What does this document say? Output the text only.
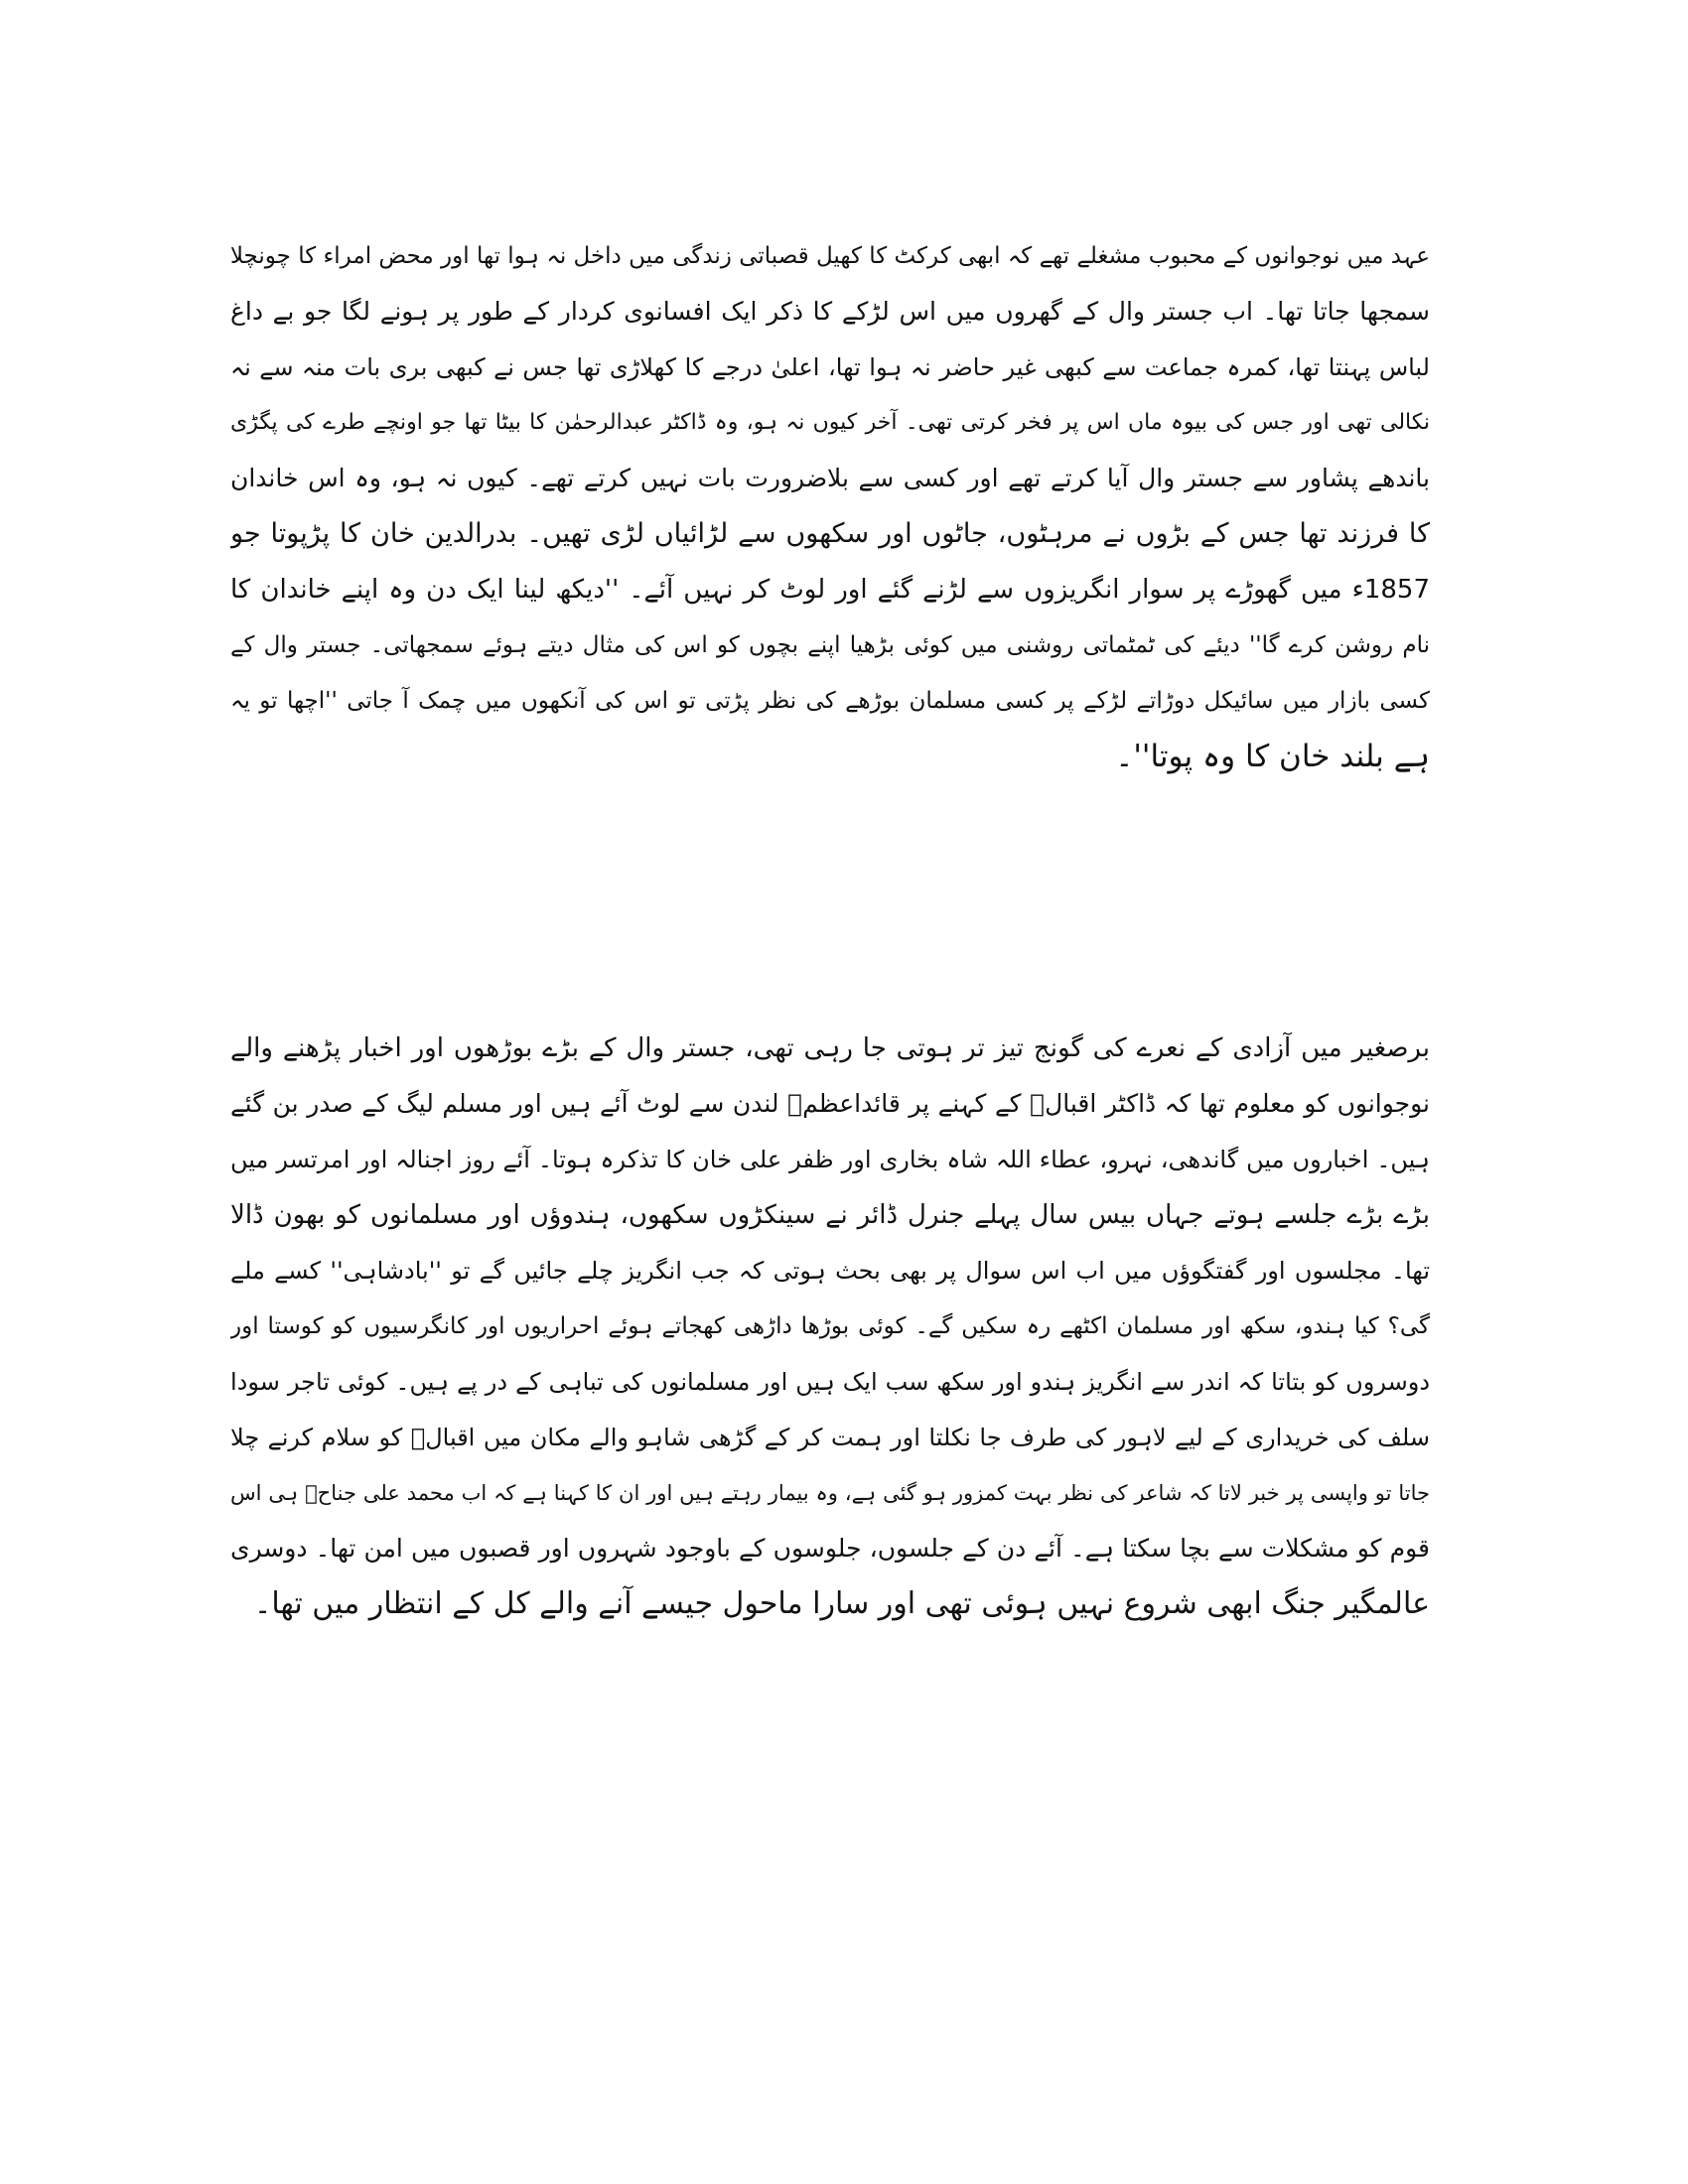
عہد میں نوجوانوں کے محبوب مشغلے تھے کہ ابھی کرکٹ کا کھیل قصباتی زندگی میں داخل نہ ہوا تھا اور محض امراء کا چونچلا
سمجھا جاتا تھا۔ اب جستر وال کے گھروں میں اس لڑکے کا ذکر ایک افسانوی کردار کے طور پر ہونے لگا جو بے داغ
لباس پہنتا تھا، کمرہ جماعت سے کبھی غیر حاضر نہ ہوا تھا، اعلیٰ درجے کا کھلاڑی تھا جس نے کبھی بری بات منہ سے نہ
نکالی تھی اور جس کی بیوہ ماں اس پر فخر کرتی تھی۔ آخر کیوں نہ ہو، وہ ڈاکٹر عبدالرحمٰن کا بیٹا تھا جو اونچے طرے کی پگڑی
باندھے پشاور سے جستر وال آیا کرتے تھے اور کسی سے بلاضرورت بات نہیں کرتے تھے۔ کیوں نہ ہو، وہ اس خاندان
کا فرزند تھا جس کے بڑوں نے مرہٹوں، جاٹوں اور سکھوں سے لڑائیاں لڑی تھیں۔ بدرالدین خان کا پڑپوتا جو
1857ء میں گھوڑے پر سوار انگریزوں سے لڑنے گئے اور لوٹ کر نہیں آئے۔ ''دیکھ لینا ایک دن وہ اپنے خاندان کا
نام روشن کرے گا'' دیئے کی ٹمٹماتی روشنی میں کوئی بڑھیا اپنے بچوں کو اس کی مثال دیتے ہوئے سمجھاتی۔ جستر وال کے
کسی بازار میں سائیکل دوڑاتے لڑکے پر کسی مسلمان بوڑھے کی نظر پڑتی تو اس کی آنکھوں میں چمک آ جاتی ''اچھا تو یہ
ہے بلند خان کا وہ پوتا''۔
برصغیر میں آزادی کے نعرے کی گونج تیز تر ہوتی جا رہی تھی، جستر وال کے بڑے بوڑھوں اور اخبار پڑھنے والے
نوجوانوں کو معلوم تھا کہ ڈاکٹر اقبالؒ کے کہنے پر قائداعظمؒ لندن سے لوٹ آئے ہیں اور مسلم لیگ کے صدر بن گئے
ہیں۔ اخباروں میں گاندھی، نہرو، عطاء اللہ شاہ بخاری اور ظفر علی خان کا تذکرہ ہوتا۔ آئے روز اجنالہ اور امرتسر میں
بڑے بڑے جلسے ہوتے جہاں بیس سال پہلے جنرل ڈائر نے سینکڑوں سکھوں، ہندوؤں اور مسلمانوں کو بھون ڈالا
تھا۔ مجلسوں اور گفتگوؤں میں اب اس سوال پر بھی بحث ہوتی کہ جب انگریز چلے جائیں گے تو ''بادشاہی'' کسے ملے
گی؟ کیا ہندو، سکھ اور مسلمان اکٹھے رہ سکیں گے۔ کوئی بوڑھا داڑھی کھجاتے ہوئے احراریوں اور کانگرسیوں کو کوستا اور
دوسروں کو بتاتا کہ اندر سے انگریز ہندو اور سکھ سب ایک ہیں اور مسلمانوں کی تباہی کے در پے ہیں۔ کوئی تاجر سودا
سلف کی خریداری کے لیے لاہور کی طرف جا نکلتا اور ہمت کر کے گڑھی شاہو والے مکان میں اقبالؒ کو سلام کرنے چلا
جاتا تو واپسی پر خبر لاتا کہ شاعر کی نظر بہت کمزور ہو گئی ہے، وہ بیمار رہتے ہیں اور ان کا کہنا ہے کہ اب محمد علی جناحؒ ہی اس
قوم کو مشکلات سے بچا سکتا ہے۔ آئے دن کے جلسوں، جلوسوں کے باوجود شہروں اور قصبوں میں امن تھا۔ دوسری
عالمگیر جنگ ابھی شروع نہیں ہوئی تھی اور سارا ماحول جیسے آنے والے کل کے انتظار میں تھا۔
